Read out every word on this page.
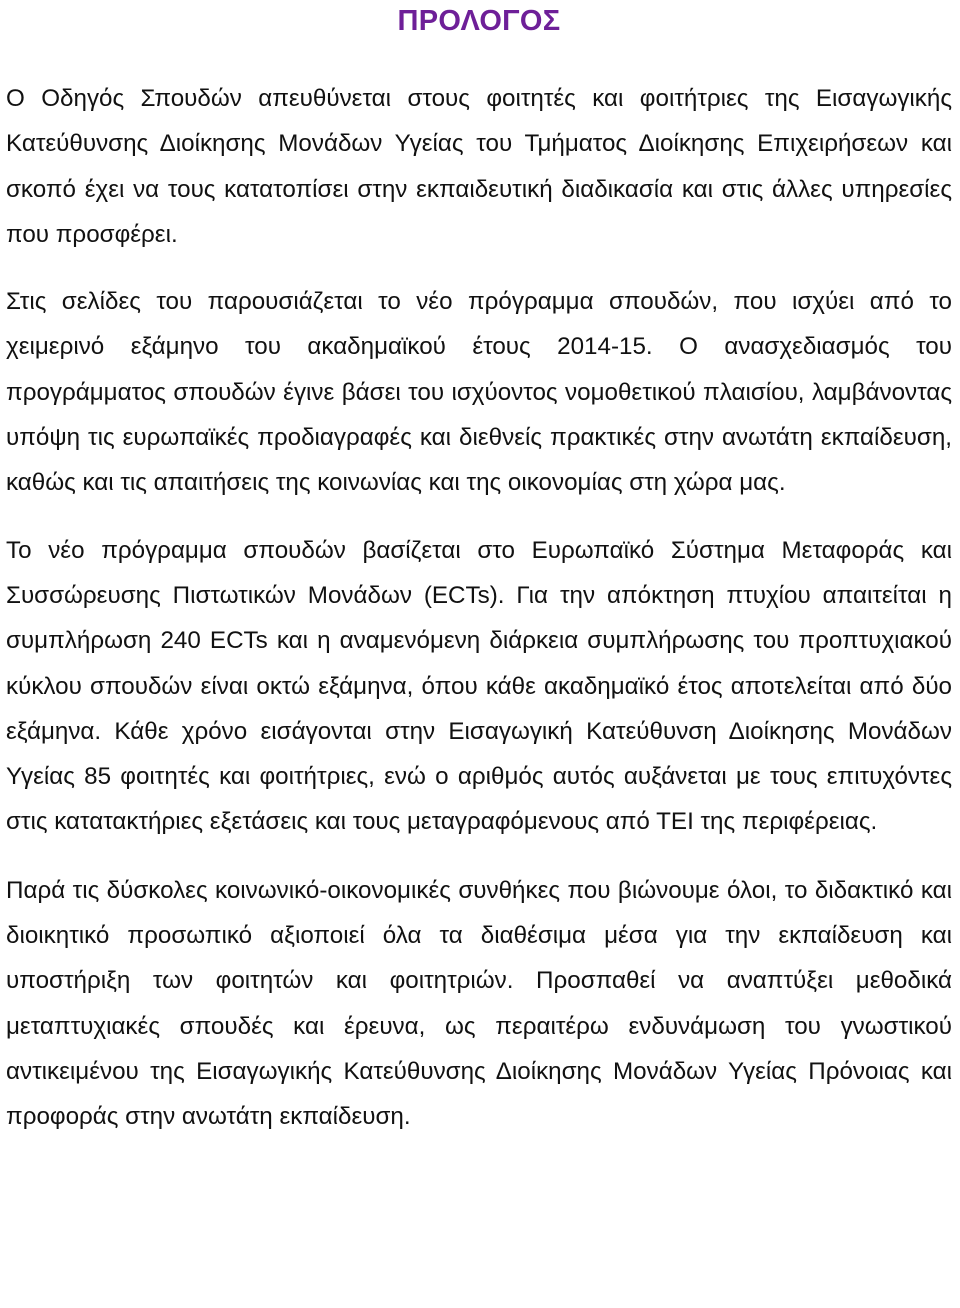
ΠΡΟΛΟΓΟΣ

Ο Οδηγός Σπουδών απευθύνεται στους φοιτητές και φοιτήτριες της Εισαγωγικής Κατεύθυνσης Διοίκησης Μονάδων Υγείας του Τμήματος Διοίκησης Επιχειρήσεων και σκοπό έχει να τους κατατοπίσει στην εκπαιδευτική διαδικασία και στις άλλες υπηρεσίες που προσφέρει.

Στις σελίδες του παρουσιάζεται το νέο πρόγραμμα σπουδών, που ισχύει από το χειμερινό εξάμηνο του ακαδημαϊκού έτους 2014-15. Ο ανασχεδιασμός του προγράμματος σπουδών έγινε βάσει του ισχύοντος νομοθετικού πλαισίου, λαμβάνοντας υπόψη τις ευρωπαϊκές προδιαγραφές και διεθνείς πρακτικές στην ανωτάτη εκπαίδευση, καθώς και τις απαιτήσεις της κοινωνίας και της οικονομίας στη χώρα μας.

Το νέο πρόγραμμα σπουδών βασίζεται στο Ευρωπαϊκό Σύστημα Μεταφοράς και Συσσώρευσης Πιστωτικών Μονάδων (ECTs). Για την απόκτηση πτυχίου απαιτείται η συμπλήρωση 240 ECTs και η αναμενόμενη διάρκεια συμπλήρωσης του προπτυχιακού κύκλου σπουδών είναι οκτώ εξάμηνα, όπου κάθε ακαδημαϊκό έτος αποτελείται από δύο εξάμηνα. Κάθε χρόνο εισάγονται στην Εισαγωγική Κατεύθυνση Διοίκησης Μονάδων Υγείας 85 φοιτητές και φοιτήτριες, ενώ ο αριθμός αυτός αυξάνεται με τους επιτυχόντες στις κατατακτήριες εξετάσεις και τους μεταγραφόμενους από ΤΕΙ της περιφέρειας.

Παρά τις δύσκολες κοινωνικό-οικονομικές συνθήκες που βιώνουμε όλοι, το διδακτικό και διοικητικό προσωπικό αξιοποιεί όλα τα διαθέσιμα μέσα για την εκπαίδευση και υποστήριξη των φοιτητών και φοιτητριών. Προσπαθεί να αναπτύξει μεθοδικά μεταπτυχιακές σπουδές και έρευνα, ως περαιτέρω ενδυνάμωση του γνωστικού αντικειμένου της Εισαγωγικής Κατεύθυνσης Διοίκησης Μονάδων Υγείας Πρόνοιας και προφοράς στην ανωτάτη εκπαίδευση.
